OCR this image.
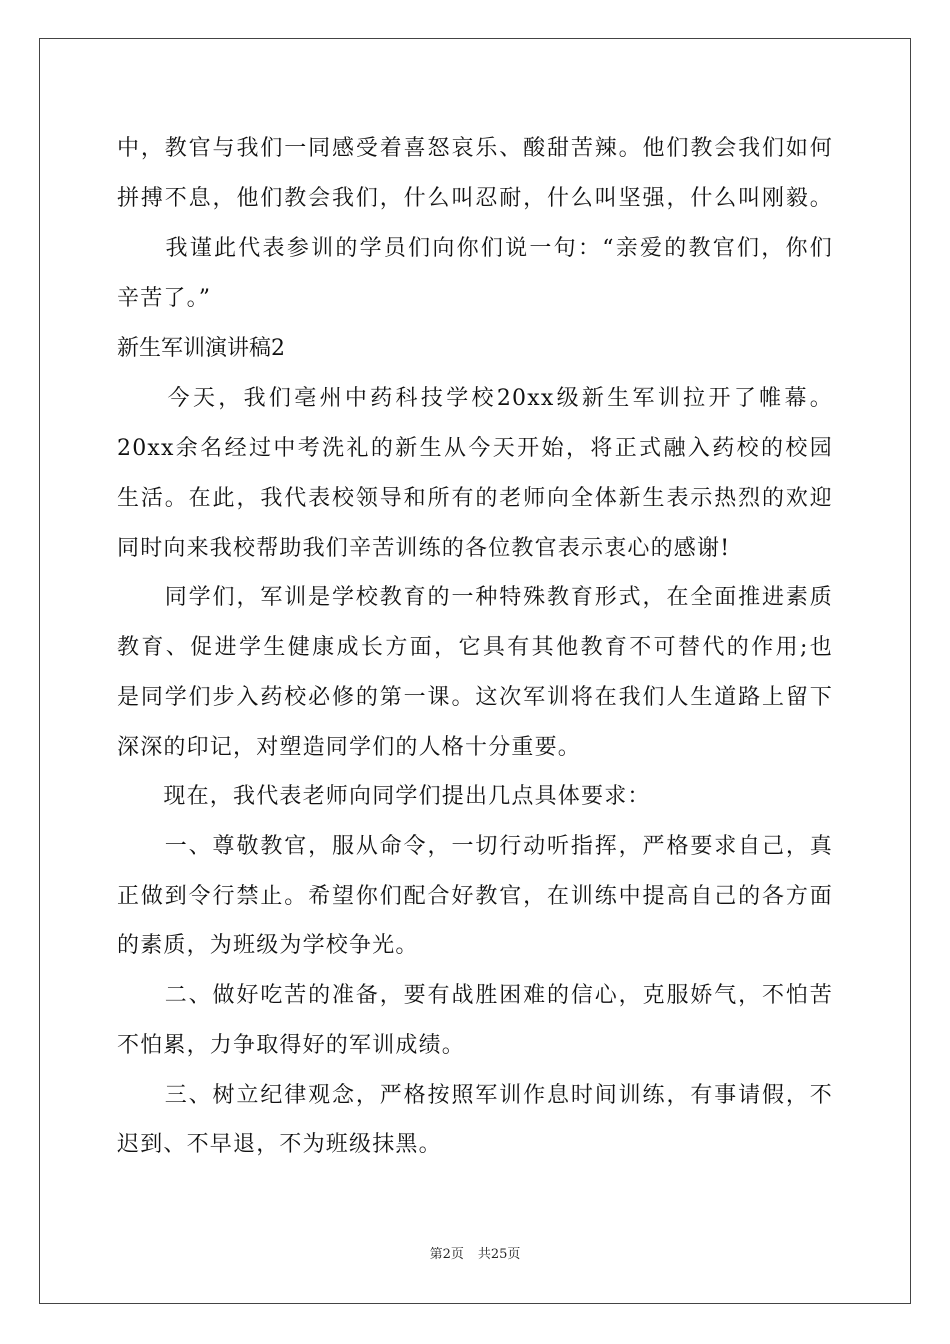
中，教官与我们一同感受着喜怒哀乐、酸甜苦辣。他们教会我们如何
拼搏不息，他们教会我们，什么叫忍耐，什么叫坚强，什么叫刚毅。
　　我谨此代表参训的学员们向你们说一句：“亲爱的教官们，你们
辛苦了。”
新生军训演讲稿2
　　今天，我们亳州中药科技学校20xx级新生军训拉开了帷幕。
20xx余名经过中考洗礼的新生从今天开始，将正式融入药校的校园
生活。在此，我代表校领导和所有的老师向全体新生表示热烈的欢迎
同时向来我校帮助我们辛苦训练的各位教官表示衷心的感谢!
　　同学们，军训是学校教育的一种特殊教育形式，在全面推进素质
教育、促进学生健康成长方面，它具有其他教育不可替代的作用;也
是同学们步入药校必修的第一课。这次军训将在我们人生道路上留下
深深的印记，对塑造同学们的人格十分重要。
　　现在，我代表老师向同学们提出几点具体要求：
　　一、尊敬教官，服从命令，一切行动听指挥，严格要求自己，真
正做到令行禁止。希望你们配合好教官，在训练中提高自己的各方面
的素质，为班级为学校争光。
　　二、做好吃苦的准备，要有战胜困难的信心，克服娇气，不怕苦
不怕累，力争取得好的军训成绩。
　　三、树立纪律观念，严格按照军训作息时间训练，有事请假，不
迟到、不早退，不为班级抹黑。
第2页 共25页
